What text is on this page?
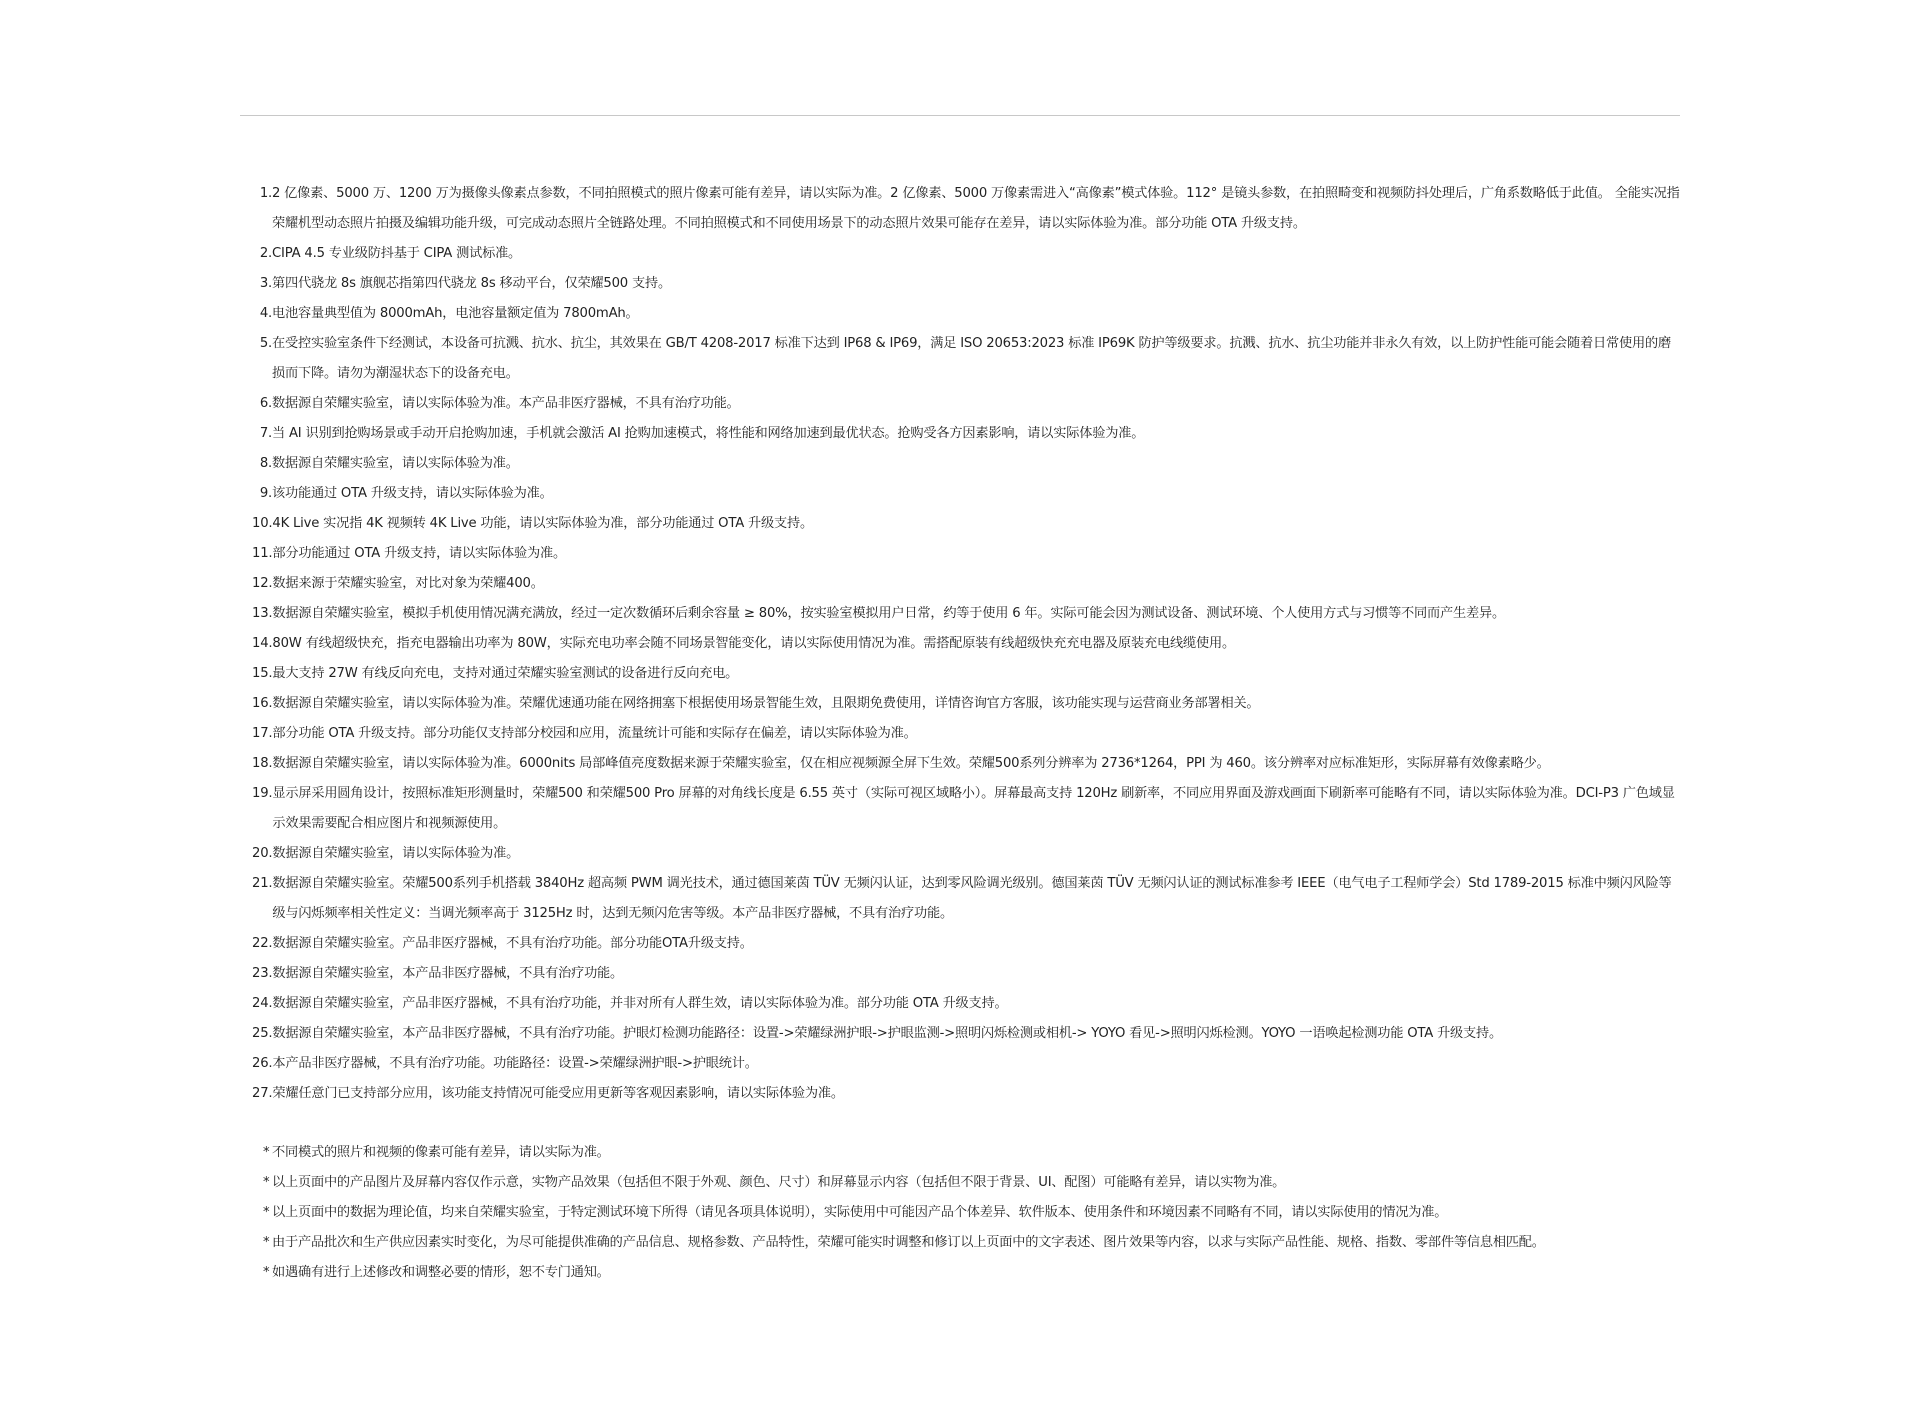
1. 2 亿像素、5000 万、1200 万为摄像头像素点参数，不同拍照模式的照片像素可能有差异，请以实际为准。2 亿像素、5000 万像素需进入“高像素”模式体验。112° 是镜头参数，在拍照畸变和视频防抖处理后，广角系数略低于此值。 全能实况指荣耀机型动态照片拍摄及编辑功能升级，可完成动态照片全链路处理。不同拍照模式和不同使用场景下的动态照片效果可能存在差异，请以实际体验为准。部分功能 OTA 升级支持。
2. CIPA 4.5 专业级防抖基于 CIPA 测试标准。
3. 第四代骁龙 8s 旗舰芯指第四代骁龙 8s 移动平台，仅荣耀500 支持。
4. 电池容量典型值为 8000mAh，电池容量额定值为 7800mAh。
5. 在受控实验室条件下经测试，本设备可抗溅、抗水、抗尘，其效果在 GB/T 4208-2017 标准下达到 IP68 & IP69，满足 ISO 20653:2023 标准 IP69K 防护等级要求。抗溅、抗水、抗尘功能并非永久有效，以上防护性能可能会随着日常使用的磨损而下降。请勿为潮湿状态下的设备充电。
6. 数据源自荣耀实验室，请以实际体验为准。本产品非医疗器械，不具有治疗功能。
7. 当 AI 识别到抢购场景或手动开启抢购加速，手机就会激活 AI 抢购加速模式，将性能和网络加速到最优状态。抢购受各方因素影响，请以实际体验为准。
8. 数据源自荣耀实验室，请以实际体验为准。
9. 该功能通过 OTA 升级支持，请以实际体验为准。
10. 4K Live 实况指 4K 视频转 4K Live 功能，请以实际体验为准，部分功能通过 OTA 升级支持。
11. 部分功能通过 OTA 升级支持，请以实际体验为准。
12. 数据来源于荣耀实验室，对比对象为荣耀400。
13. 数据源自荣耀实验室，模拟手机使用情况满充满放，经过一定次数循环后剩余容量 ≥ 80%，按实验室模拟用户日常，约等于使用 6 年。实际可能会因为测试设备、测试环境、个人使用方式与习惯等不同而产生差异。
14. 80W 有线超级快充，指充电器输出功率为 80W，实际充电功率会随不同场景智能变化，请以实际使用情况为准。需搭配原装有线超级快充充电器及原装充电线缆使用。
15. 最大支持 27W 有线反向充电，支持对通过荣耀实验室测试的设备进行反向充电。
16. 数据源自荣耀实验室，请以实际体验为准。荣耀优速通功能在网络拥塞下根据使用场景智能生效，且限期免费使用，详情咨询官方客服，该功能实现与运营商业务部署相关。
17. 部分功能 OTA 升级支持。部分功能仅支持部分校园和应用，流量统计可能和实际存在偏差，请以实际体验为准。
18. 数据源自荣耀实验室，请以实际体验为准。6000nits 局部峰值亮度数据来源于荣耀实验室，仅在相应视频源全屏下生效。荣耀500系列分辨率为 2736*1264，PPI 为 460。该分辨率对应标准矩形，实际屏幕有效像素略少。
19. 显示屏采用圆角设计，按照标准矩形测量时，荣耀500 和荣耀500 Pro 屏幕的对角线长度是 6.55 英寸（实际可视区域略小）。屏幕最高支持 120Hz 刷新率，不同应用界面及游戏画面下刷新率可能略有不同，请以实际体验为准。DCI-P3 广色域显示效果需要配合相应图片和视频源使用。
20. 数据源自荣耀实验室，请以实际体验为准。
21. 数据源自荣耀实验室。荣耀500系列手机搭载 3840Hz 超高频 PWM 调光技术，通过德国莱茵 TÜV 无频闪认证，达到零风险调光级别。德国莱茵 TÜV 无频闪认证的测试标准参考 IEEE（电气电子工程师学会）Std 1789-2015 标准中频闪风险等级与闪烁频率相关性定义：当调光频率高于 3125Hz 时，达到无频闪危害等级。本产品非医疗器械，不具有治疗功能。
22. 数据源自荣耀实验室。产品非医疗器械，不具有治疗功能。部分功能OTA升级支持。
23. 数据源自荣耀实验室，本产品非医疗器械，不具有治疗功能。
24. 数据源自荣耀实验室，产品非医疗器械，不具有治疗功能，并非对所有人群生效，请以实际体验为准。部分功能 OTA 升级支持。
25. 数据源自荣耀实验室，本产品非医疗器械，不具有治疗功能。护眼灯检测功能路径：设置->荣耀绿洲护眼->护眼监测->照明闪烁检测或相机-> YOYO 看见->照明闪烁检测。YOYO 一语唤起检测功能 OTA 升级支持。
26. 本产品非医疗器械，不具有治疗功能。功能路径：设置->荣耀绿洲护眼->护眼统计。
27. 荣耀任意门已支持部分应用，该功能支持情况可能受应用更新等客观因素影响，请以实际体验为准。
* 不同模式的照片和视频的像素可能有差异，请以实际为准。
* 以上页面中的产品图片及屏幕内容仅作示意，实物产品效果（包括但不限于外观、颜色、尺寸）和屏幕显示内容（包括但不限于背景、UI、配图）可能略有差异，请以实物为准。
* 以上页面中的数据为理论值，均来自荣耀实验室，于特定测试环境下所得（请见各项具体说明），实际使用中可能因产品个体差异、软件版本、使用条件和环境因素不同略有不同，请以实际使用的情况为准。
* 由于产品批次和生产供应因素实时变化，为尽可能提供准确的产品信息、规格参数、产品特性，荣耀可能实时调整和修订以上页面中的文字表述、图片效果等内容，以求与实际产品性能、规格、指数、零部件等信息相匹配。
* 如遇确有进行上述修改和调整必要的情形，恕不专门通知。
